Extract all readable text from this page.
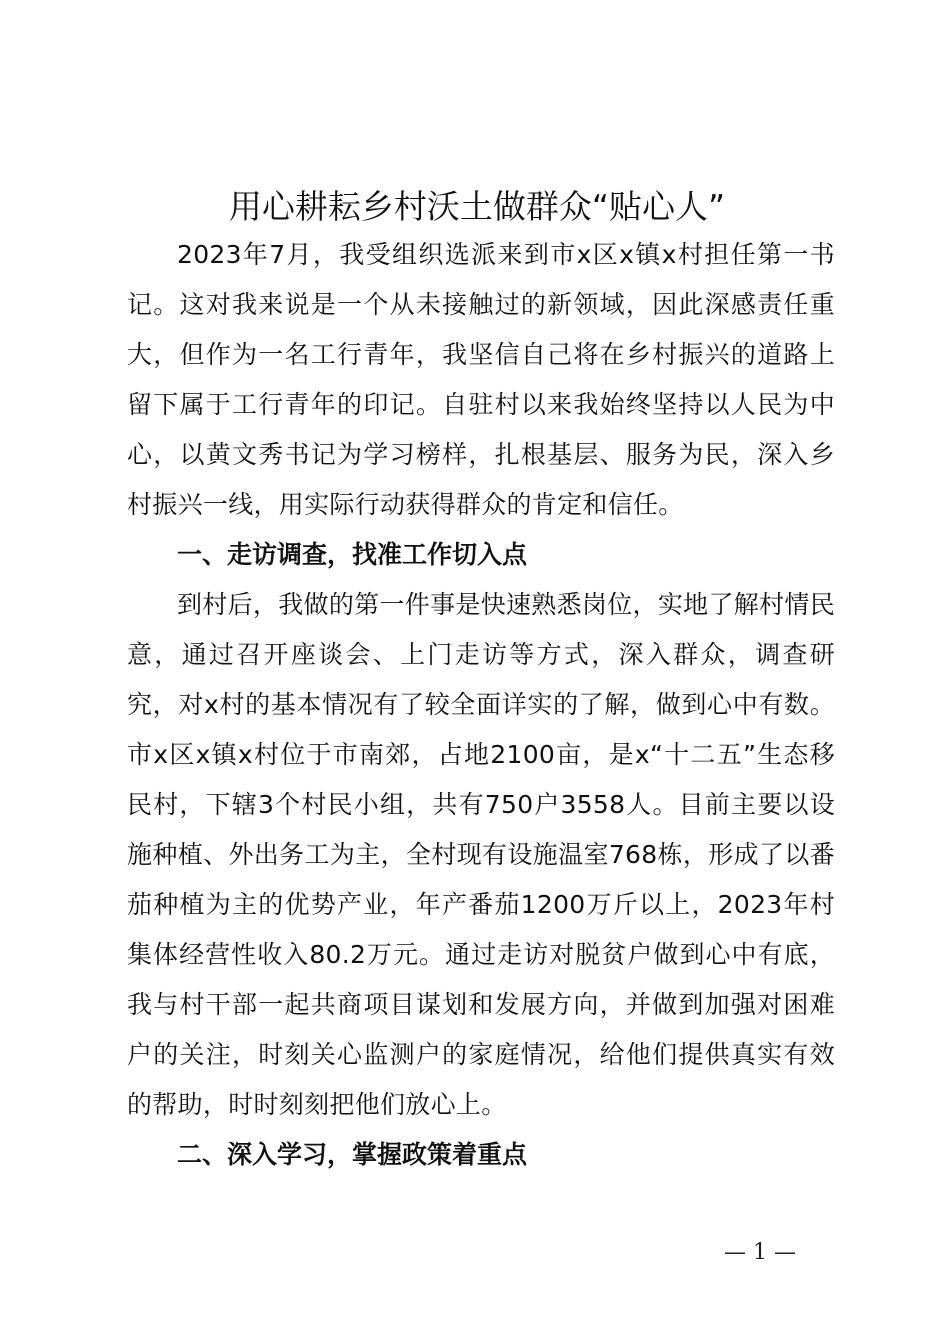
用心耕耘乡村沃土做群众“贴心人”

2023年7月，我受组织选派来到市x区x镇x村担任第一书记。这对我来说是一个从未接触过的新领域，因此深感责任重大，但作为一名工行青年，我坚信自己将在乡村振兴的道路上留下属于工行青年的印记。自驻村以来我始终坚持以人民为中心，以黄文秀书记为学习榜样，扎根基层、服务为民，深入乡村振兴一线，用实际行动获得群众的肯定和信任。

一、走访调查，找准工作切入点

到村后，我做的第一件事是快速熟悉岗位，实地了解村情民意，通过召开座谈会、上门走访等方式，深入群众，调查研究，对x村的基本情况有了较全面详实的了解，做到心中有数。市x区x镇x村位于市南郊，占地2100亩，是x“十二五”生态移民村，下辖3个村民小组，共有750户3558人。目前主要以设施种植、外出务工为主，全村现有设施温室768栋，形成了以番茄种植为主的优势产业，年产番茄1200万斤以上，2023年村集体经营性收入80.2万元。通过走访对脱贫户做到心中有底，我与村干部一起共商项目谋划和发展方向，并做到加强对困难户的关注，时刻关心监测户的家庭情况，给他们提供真实有效的帮助，时时刻刻把他们放心上。

二、深入学习，掌握政策着重点

— 1 —
